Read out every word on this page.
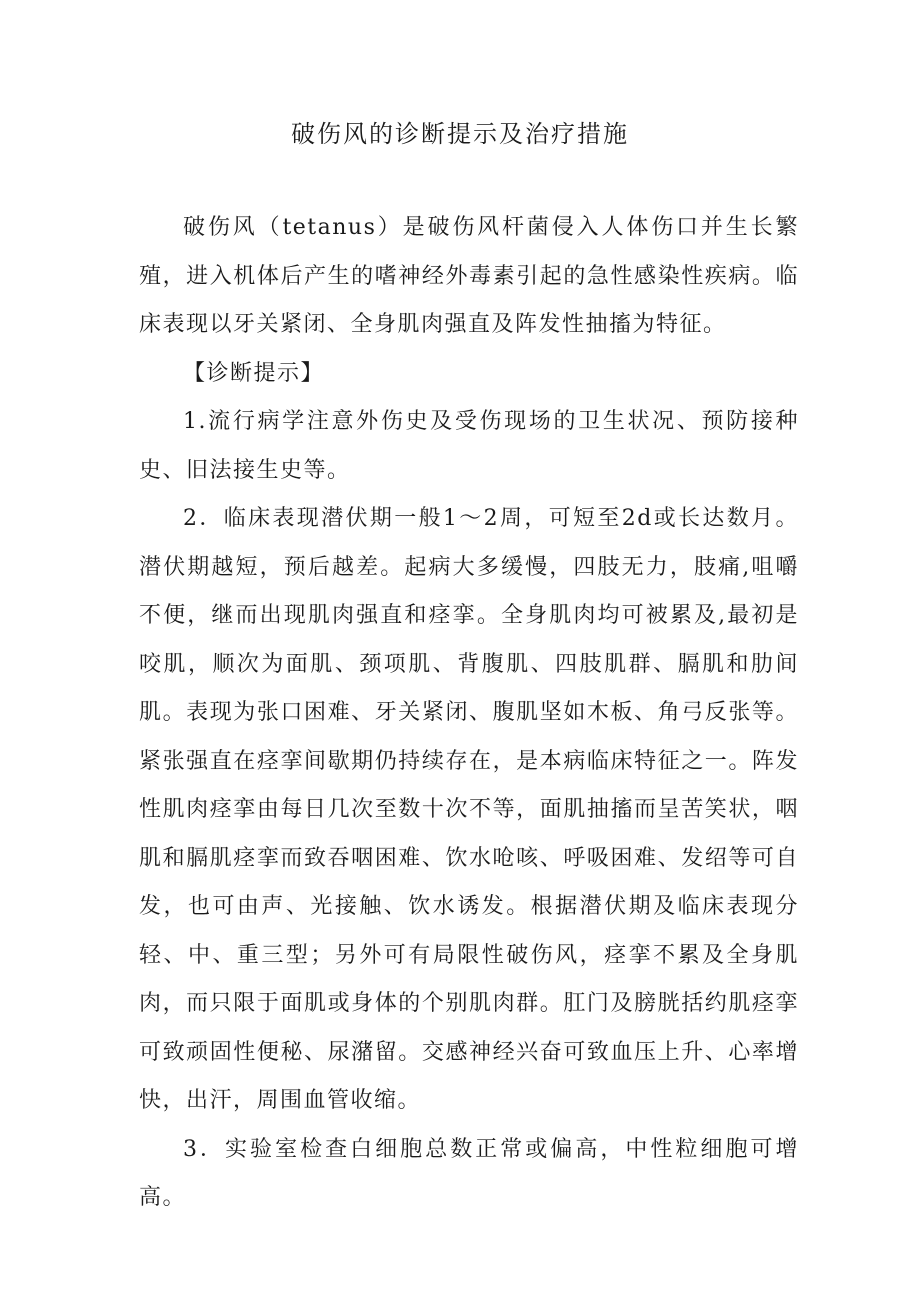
破伤风的诊断提示及治疗措施

破伤风（tetanus）是破伤风杆菌侵入人体伤口并生长繁殖，进入机体后产生的嗜神经外毒素引起的急性感染性疾病。临床表现以牙关紧闭、全身肌肉强直及阵发性抽搐为特征。

【诊断提示】

1.流行病学注意外伤史及受伤现场的卫生状况、预防接种史、旧法接生史等。

2．临床表现潜伏期一般1～2周，可短至2d或长达数月。潜伏期越短，预后越差。起病大多缓慢，四肢无力，肢痛,咀嚼不便，继而出现肌肉强直和痉挛。全身肌肉均可被累及,最初是咬肌，顺次为面肌、颈项肌、背腹肌、四肢肌群、膈肌和肋间肌。表现为张口困难、牙关紧闭、腹肌坚如木板、角弓反张等。紧张强直在痉挛间歇期仍持续存在，是本病临床特征之一。阵发性肌肉痉挛由每日几次至数十次不等，面肌抽搐而呈苦笑状，咽肌和膈肌痉挛而致吞咽困难、饮水呛咳、呼吸困难、发绍等可自发，也可由声、光接触、饮水诱发。根据潜伏期及临床表现分轻、中、重三型；另外可有局限性破伤风，痉挛不累及全身肌肉，而只限于面肌或身体的个别肌肉群。肛门及膀胱括约肌痉挛可致顽固性便秘、尿潴留。交感神经兴奋可致血压上升、心率增快，出汗，周围血管收缩。

3．实验室检查白细胞总数正常或偏高，中性粒细胞可增高。
